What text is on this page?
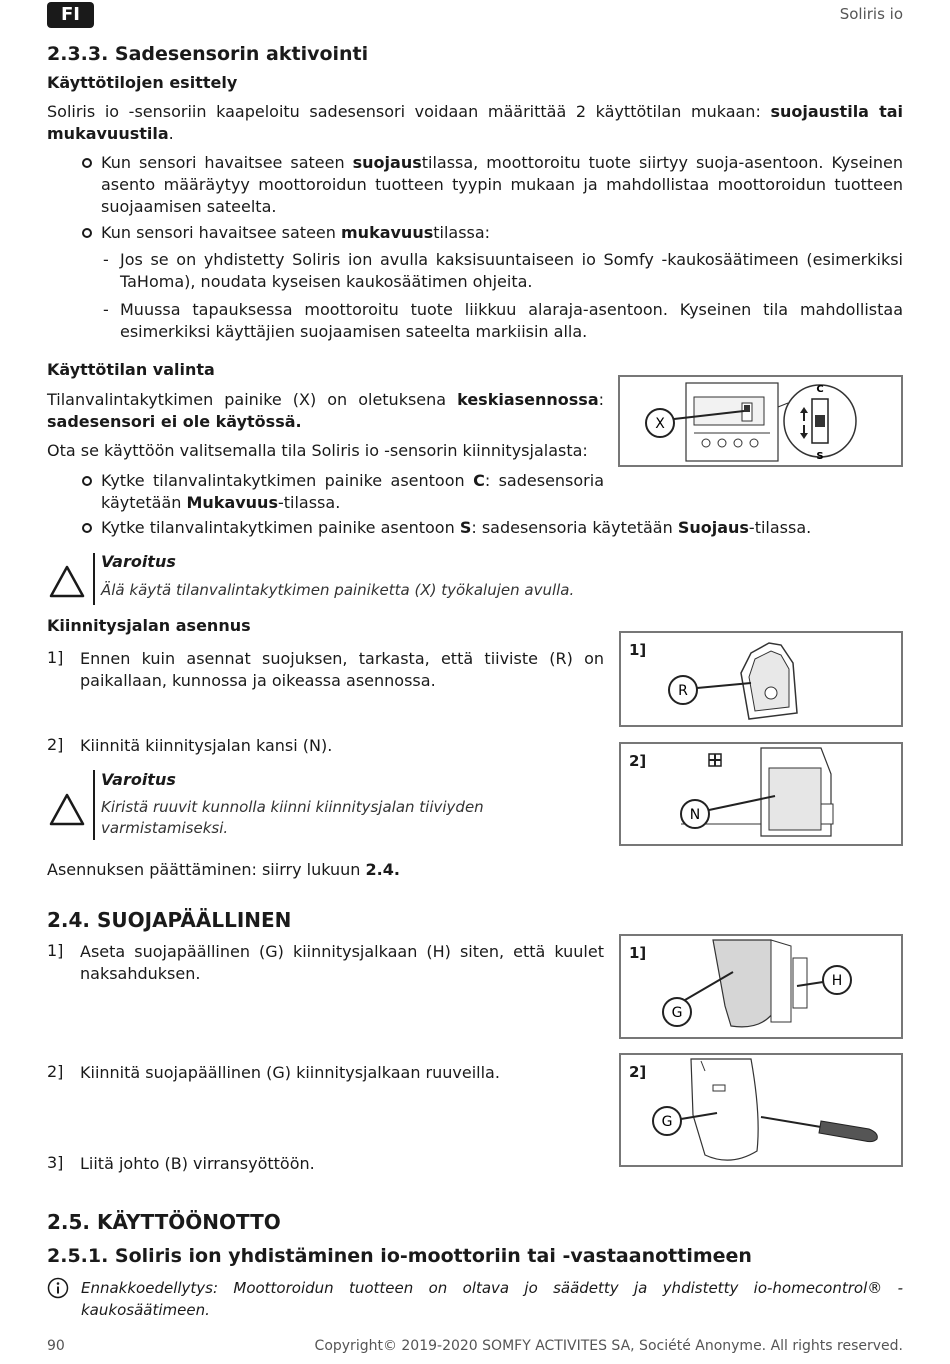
FI	Soliris io
2.3.3. Sadesensorin aktivointi
Käyttötilojen esittely
Soliris io -sensoriin kaapeloitu sadesensori voidaan määrittää 2 käyttötilan mukaan: suojaustila tai mukavuustila.
Kun sensori havaitsee sateen suojaustilassa, moottoroitu tuote siirtyy suoja-asentoon. Kyseinen asento määräytyy moottoroidun tuotteen tyypin mukaan ja mahdollistaa moottoroidun tuotteen suojaamisen sateelta.
Kun sensori havaitsee sateen mukavuustilassa:
- Jos se on yhdistetty Soliris ion avulla kaksisuuntaiseen io Somfy -kaukosäätimeen (esimerkiksi TaHoma), noudata kyseisen kaukosäätimen ohjeita.
- Muussa tapauksessa moottoroitu tuote liikkuu alaraja-asentoon. Kyseinen tila mahdollistaa esimerkiksi käyttäjien suojaamisen sateelta markiisin alla.
Käyttötilan valinta
Tilanvalintakytkimen painike (X) on oletuksena keskiasennossa: sadesensori ei ole käytössä.
Ota se käyttöön valitsemalla tila Soliris io -sensorin kiinnitysjalasta:
Kytke tilanvalintakytkimen painike asentoon C: sadesensoria käytetään Mukavuus-tilassa.
Kytke tilanvalintakytkimen painike asentoon S: sadesensoria käytetään Suojaus-tilassa.
X
C
S
Varoitus
Älä käytä tilanvalintakytkimen painiketta (X) työkalujen avulla.
Kiinnitysjalan asennus
1] Ennen kuin asennat suojuksen, tarkasta, että tiiviste (R) on paikallaan, kunnossa ja oikeassa asennossa.
2] Kiinnitä kiinnitysjalan kansi (N).
1]
R
Varoitus
Kiristä ruuvit kunnolla kiinni kiinnitysjalan tiiviyden varmistamiseksi.
2]
N
Asennuksen päättäminen: siirry lukuun 2.4.
2.4. SUOJAPÄÄLLINEN
1] Aseta suojapäällinen (G) kiinnitysjalkaan (H) siten, että kuulet naksahduksen.
2] Kiinnitä suojapäällinen (G) kiinnitysjalkaan ruuveilla.
3] Liitä johto (B) virransyöttöön.
1]
G
H
2]
G
2.5. KÄYTTÖÖNOTTO
2.5.1. Soliris ion yhdistäminen io-moottoriin tai -vastaanottimeen
Ennakkoedellytys: Moottoroidun tuotteen on oltava jo säädetty ja yhdistetty io-homecontrol® -kaukosäätimeen.
90	Copyright© 2019-2020 SOMFY ACTIVITES SA, Société Anonyme. All rights reserved.
